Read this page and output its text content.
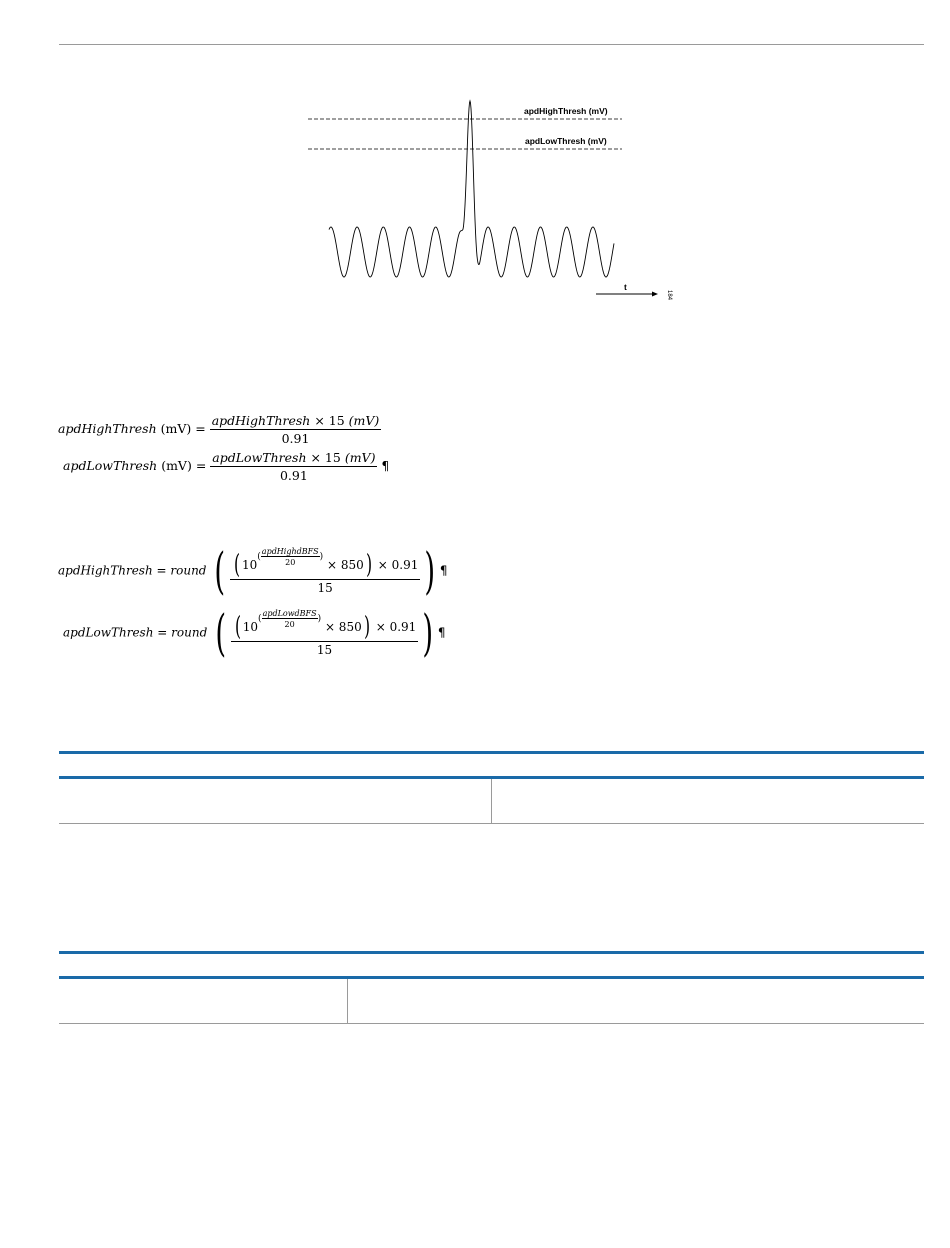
apdHighThresh (mV)
apdLowThresh (mV)
t
184
apdHighThresh $(mV) = \frac{\text{apdHighThresh × 15 (mV)}}{0.91}$
apdLowThresh $(mV) = \frac{\text{apdLowThresh × 15 (mV)}}{0.91}$ ¶
apdHighThresh = round ( $\frac{( 10( \frac{\text{apdHighdBFS}}{20} ) \times 850) \times 0.91}{15}$ ) ¶
apdLowThresh = round ( $\frac{( 10( \frac{\text{apdLowdBFS}}{20} ) \times 850) \times 0.91}{15}$ ) ¶
